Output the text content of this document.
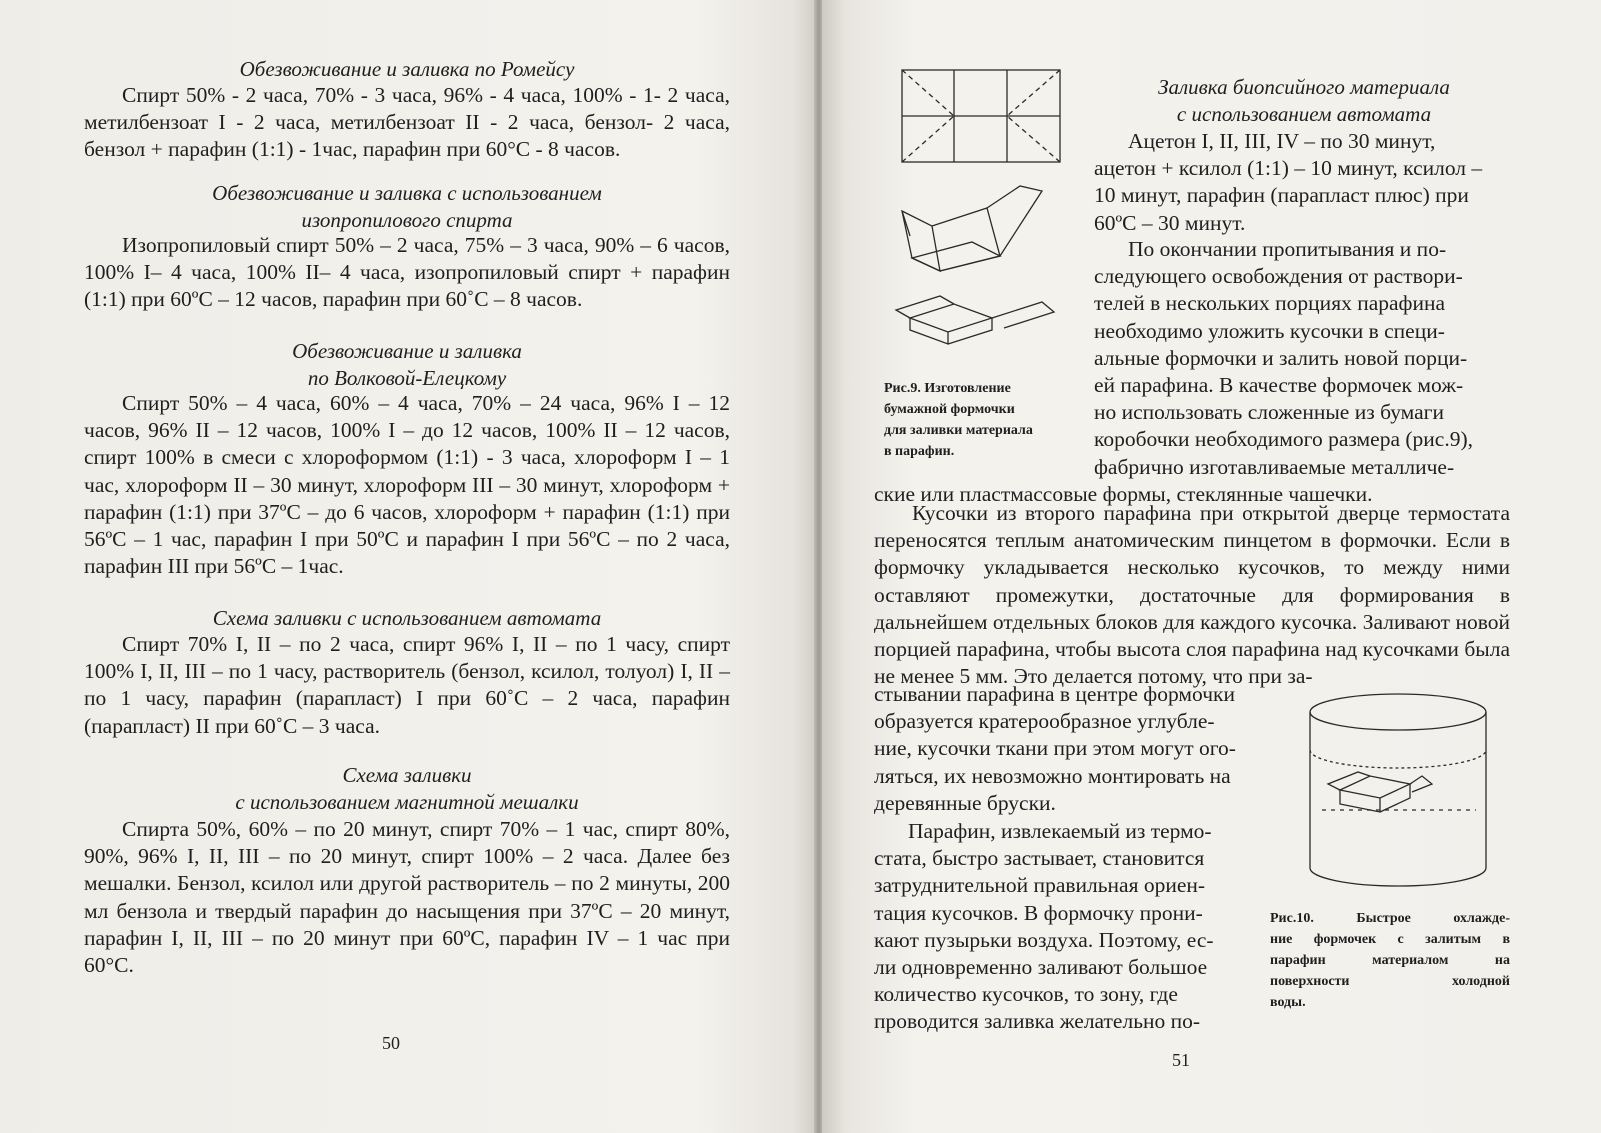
Обезвоживание и заливка по Ромейсу
Спирт 50% - 2 часа, 70% - 3 часа, 96% - 4 часа, 100% - 1- 2 часа, метилбензоат I - 2 часа, метилбензоат II - 2 часа, бензол- 2 часа, бензол + парафин (1:1) - 1час, парафин при 60°С - 8 часов.
Обезвоживание и заливка с использованием
изопропилового спирта
Изопропиловый спирт 50% – 2 часа, 75% – 3 часа, 90% – 6 часов, 100% I– 4 часа, 100% II– 4 часа, изопропиловый спирт + парафин (1:1) при 60ºС – 12 часов, парафин при 60˚С – 8 часов.
Обезвоживание и заливка
по Волковой-Елецкому
Спирт 50% – 4 часа, 60% – 4 часа, 70% – 24 часа, 96% I – 12 часов, 96% II – 12 часов, 100% I – до 12 часов, 100% II – 12 часов, спирт 100% в смеси с хлороформом (1:1) - 3 часа, хлороформ I – 1 час, хлороформ II – 30 минут, хлороформ III – 30 минут, хлороформ + парафин (1:1) при 37ºС – до 6 часов, хлороформ + парафин (1:1) при 56ºС – 1 час, парафин I при 50ºС и парафин I при 56ºС – по 2 часа, парафин III при 56ºС – 1час.
Схема заливки с использованием автомата
Спирт 70% I, II – по 2 часа, спирт 96% I, II – по 1 часу, спирт 100% I, II, III – по 1 часу, растворитель (бензол, ксилол, толуол) I, II – по 1 часу, парафин (парапласт) I при 60˚С – 2 часа, парафин (парапласт) II при 60˚С – 3 часа.
Схема заливки
с использованием магнитной мешалки
Спирта 50%, 60% – по 20 минут, спирт 70% – 1 час, спирт 80%, 90%, 96% I, II, III – по 20 минут, спирт 100% – 2 часа. Далее без мешалки. Бензол, ксилол или другой растворитель – по 2 минуты, 200 мл бензола и твердый парафин до насыщения при 37ºС – 20 минут, парафин I, II, III – по 20 минут при 60ºС, парафин IV – 1 час при 60°С.
50
Рис.9. Изготовление
бумажной формочки
для заливки материала
в парафин.
Заливка биопсийного материала
с использованием автомата
Ацетон I, II, III, IV – по 30 минут,
ацетон + ксилол (1:1) – 10 минут, ксилол –
10 минут, парафин (парапласт плюс) при
60ºС – 30 минут.
По окончании пропитывания и по-
следующего освобождения от раствори-
телей в нескольких порциях парафина
необходимо уложить кусочки в специ-
альные формочки и залить новой порци-
ей парафина. В качестве формочек мож-
но использовать сложенные из бумаги
коробочки необходимого размера (рис.9),
фабрично изготавливаемые металличе-
ские или пластмассовые формы, стеклянные чашечки.
Кусочки из второго парафина при открытой дверце термостата переносятся теплым анатомическим пинцетом в формочки. Если в формочку укладывается несколько кусочков, то между ними оставляют промежутки, достаточные для формирования в дальнейшем отдельных блоков для каждого кусочка. Заливают новой порцией парафина, чтобы высота слоя парафина над кусочками была не менее 5 мм. Это делается потому, что при за-
стывании парафина в центре формочки
образуется кратерообразное углубле-
ние, кусочки ткани при этом могут ого-
ляться, их невозможно монтировать на
деревянные бруски.
Парафин, извлекаемый из термо-
стата, быстро застывает, становится
затруднительной правильная ориен-
тация кусочков. В формочку прони-
кают пузырьки воздуха. Поэтому, ес-
ли одновременно заливают большое
количество кусочков, то зону, где
проводится заливка желательно по-
Рис.10. Быстрое охлажде-
ние формочек с залитым в
парафин материалом на
поверхности холодной
воды.
51
